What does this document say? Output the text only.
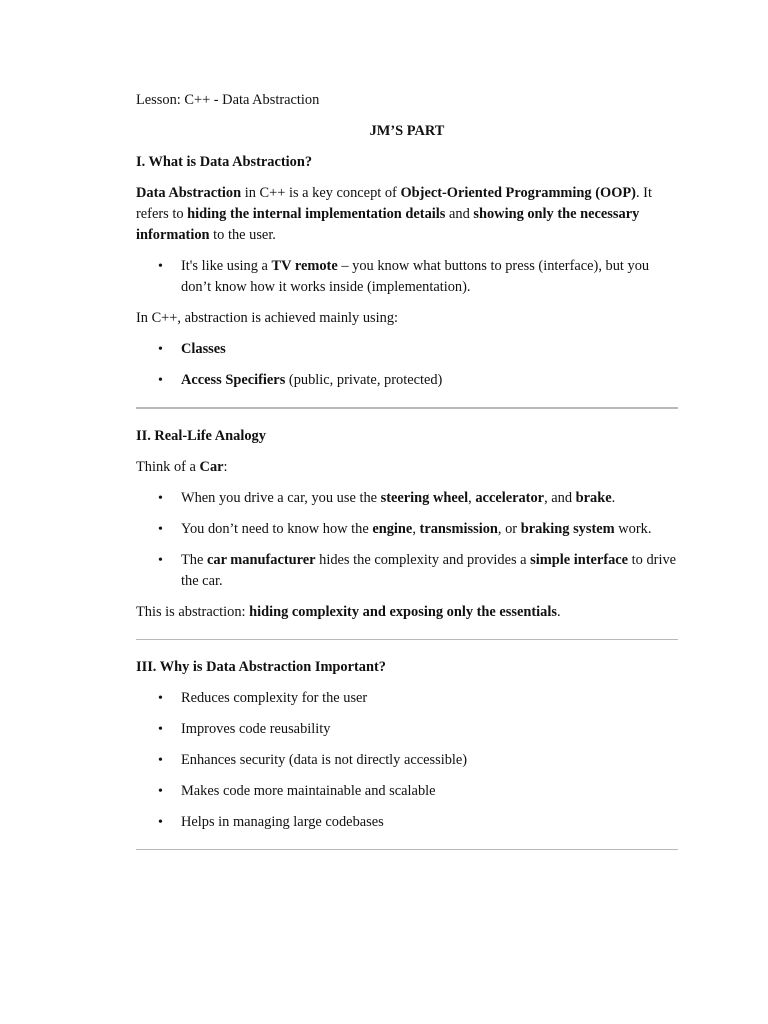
Lesson: C++ - Data Abstraction

JM’S PART

I. What is Data Abstraction?

Data Abstraction in C++ is a key concept of Object-Oriented Programming (OOP). It refers to hiding the internal implementation details and showing only the necessary information to the user.

• It's like using a TV remote – you know what buttons to press (interface), but you don’t know how it works inside (implementation).

In C++, abstraction is achieved mainly using:

• Classes
• Access Specifiers (public, private, protected)

II. Real-Life Analogy

Think of a Car:

• When you drive a car, you use the steering wheel, accelerator, and brake.
• You don’t need to know how the engine, transmission, or braking system work.
• The car manufacturer hides the complexity and provides a simple interface to drive the car.

This is abstraction: hiding complexity and exposing only the essentials.

III. Why is Data Abstraction Important?

• Reduces complexity for the user
• Improves code reusability
• Enhances security (data is not directly accessible)
• Makes code more maintainable and scalable
• Helps in managing large codebases
